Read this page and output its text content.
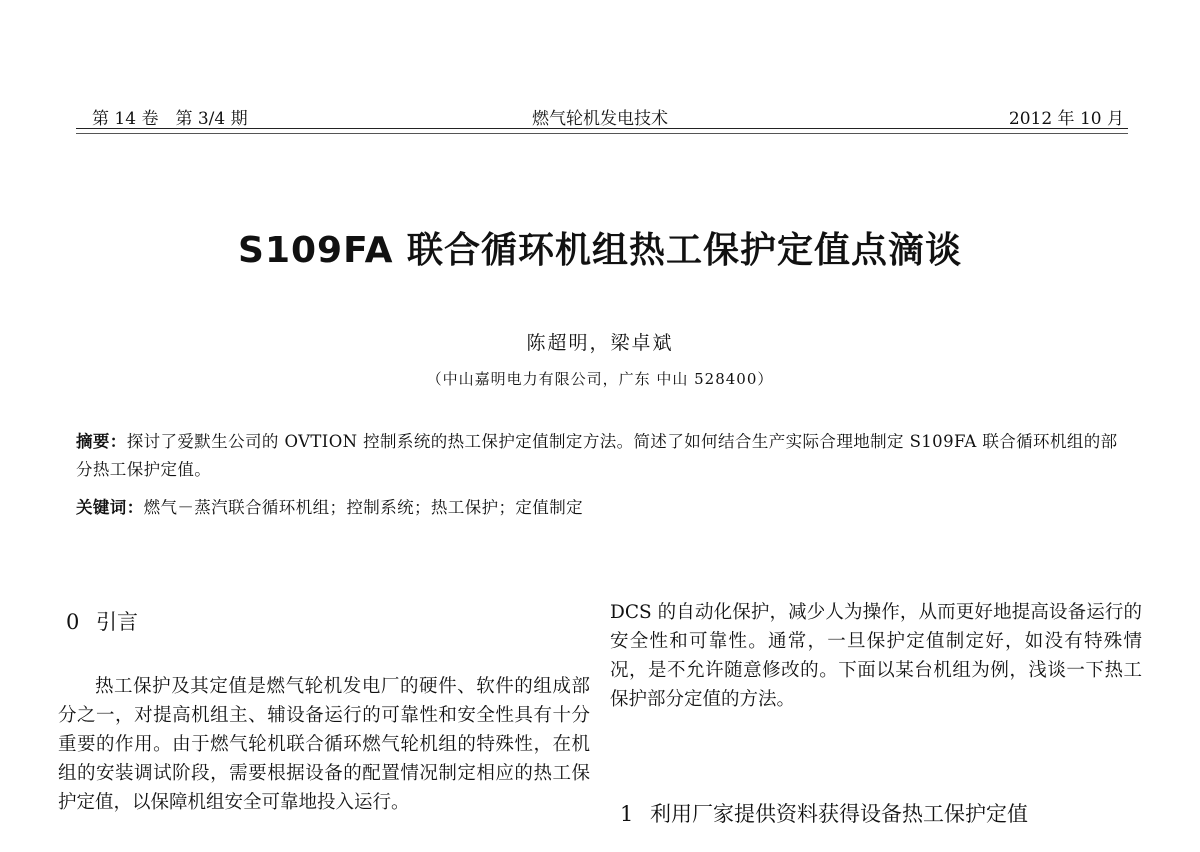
第 14 卷　第 3/4 期	燃气轮机发电技术	2012 年 10 月
S109FA 联合循环机组热工保护定值点滴谈
陈超明，梁卓斌
（中山嘉明电力有限公司，广东 中山 528400）
摘要：探讨了爱默生公司的 OVTION 控制系统的热工保护定值制定方法。简述了如何结合生产实际合理地制定 S109FA 联合循环机组的部分热工保护定值。
关键词：燃气－蒸汽联合循环机组；控制系统；热工保护；定值制定
0 引言

热工保护及其定值是燃气轮机发电厂的硬件、软件的组成部分之一，对提高机组主、辅设备运行的可靠性和安全性具有十分重要的作用。由于燃气轮机联合循环燃气轮机组的特殊性，在机组的安装调试阶段，需要根据设备的配置情况制定相应的热工保护定值，以保障机组安全可靠地投入运行。

DCS 的自动化保护，减少人为操作，从而更好地提高设备运行的安全性和可靠性。通常，一旦保护定值制定好，如没有特殊情况，是不允许随意修改的。下面以某台机组为例，浅谈一下热工保护部分定值的方法。

1 利用厂家提供资料获得设备热工保护定值
